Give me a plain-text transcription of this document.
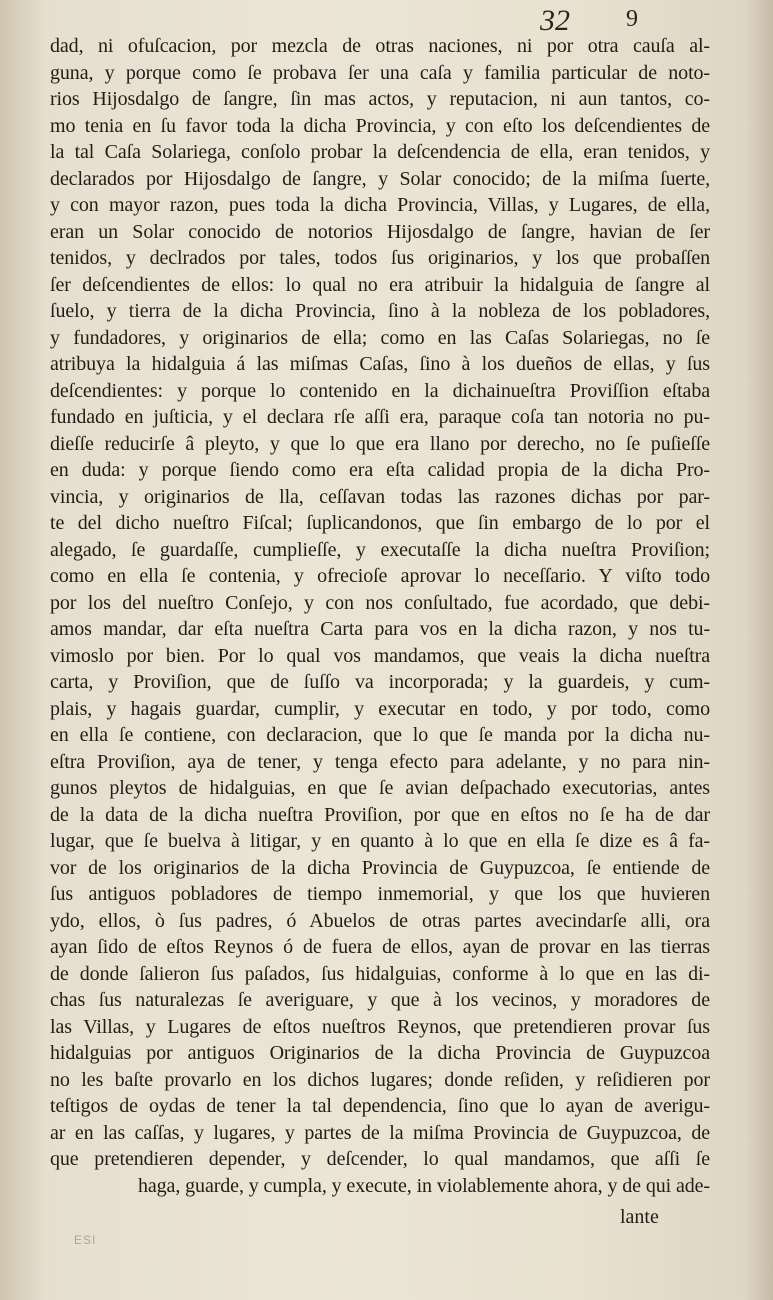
32 9
dad, ni ofuſcacion, por mezcla de otras naciones, ni por otra cauſa al-
guna, y porque como ſe probava ſer una caſa y familia particular de noto-
rios Hijosdalgo de ſangre, ſin mas actos, y reputacion, ni aun tantos, co-
mo tenia en ſu favor toda la dicha Provincia, y con eſto los deſcendientes de
la tal Caſa Solariega, conſolo probar la deſcendencia de ella, eran tenidos, y
declarados por Hijosdalgo de ſangre, y Solar conocido; de la miſma ſuerte,
y con mayor razon, pues toda la dicha Provincia, Villas, y Lugares, de ella,
eran un Solar conocido de notorios Hijosdalgo de ſangre, havian de ſer
tenidos, y declrados por tales, todos ſus originarios, y los que probaſſen
ſer deſcendientes de ellos: lo qual no era atribuir la hidalguia de ſangre al
ſuelo, y tierra de la dicha Provincia, ſino à la nobleza de los pobladores,
y fundadores, y originarios de ella; como en las Caſas Solariegas, no ſe
atribuya la hidalguia á las miſmas Caſas, ſino à los dueños de ellas, y ſus
deſcendientes: y porque lo contenido en la dichainueſtra Proviſſion eſtaba
fundado en juſticia, y el declara rſe aſſi era, paraque coſa tan notoria no pu-
dieſſe reducirſe â pleyto, y que lo que era llano por derecho, no ſe puſieſſe
en duda: y porque ſiendo como era eſta calidad propia de la dicha Pro-
vincia, y originarios de lla, ceſſavan todas las razones dichas por par-
te del dicho nueſtro Fiſcal; ſuplicandonos, que ſin embargo de lo por el
alegado, ſe guardaſſe, cumplieſſe, y executaſſe la dicha nueſtra Proviſion;
como en ella ſe contenia, y ofrecioſe aprovar lo neceſſario. Y viſto todo
por los del nueſtro Conſejo, y con nos conſultado, fue acordado, que debi-
amos mandar, dar eſta nueſtra Carta para vos en la dicha razon, y nos tu-
vimoslo por bien. Por lo qual vos mandamos, que veais la dicha nueſtra
carta, y Proviſion, que de ſuſſo va incorporada; y la guardeis, y cum-
plais, y hagais guardar, cumplir, y executar en todo, y por todo, como
en ella ſe contiene, con declaracion, que lo que ſe manda por la dicha nu-
eſtra Proviſion, aya de tener, y tenga efecto para adelante, y no para nin-
gunos pleytos de hidalguias, en que ſe avian deſpachado executorias, antes
de la data de la dicha nueſtra Proviſion, por que en eſtos no ſe ha de dar
lugar, que ſe buelva à litigar, y en quanto à lo que en ella ſe dize es â fa-
vor de los originarios de la dicha Provincia de Guypuzcoa, ſe entiende de
ſus antiguos pobladores de tiempo inmemorial, y que los que huvieren
ydo, ellos, ò ſus padres, ó Abuelos de otras partes avecindarſe alli, ora
ayan ſido de eſtos Reynos ó de fuera de ellos, ayan de provar en las tierras
de donde ſalieron ſus paſados, ſus hidalguias, conforme à lo que en las di-
chas ſus naturalezas ſe averiguare, y que à los vecinos, y moradores de
las Villas, y Lugares de eſtos nueſtros Reynos, que pretendieren provar ſus
hidalguias por antiguos Originarios de la dicha Provincia de Guypuzcoa
no les baſte provarlo en los dichos lugares; donde reſiden, y reſidieren por
teſtigos de oydas de tener la tal dependencia, ſino que lo ayan de averigu-
ar en las caſſas, y lugares, y partes de la miſma Provincia de Guypuzcoa, de
que pretendieren depender, y deſcender, lo qual mandamos, que aſſi ſe
haga, guarde, y cumpla, y execute, in violablemente ahora, y de qui ade-
lante
ESI
